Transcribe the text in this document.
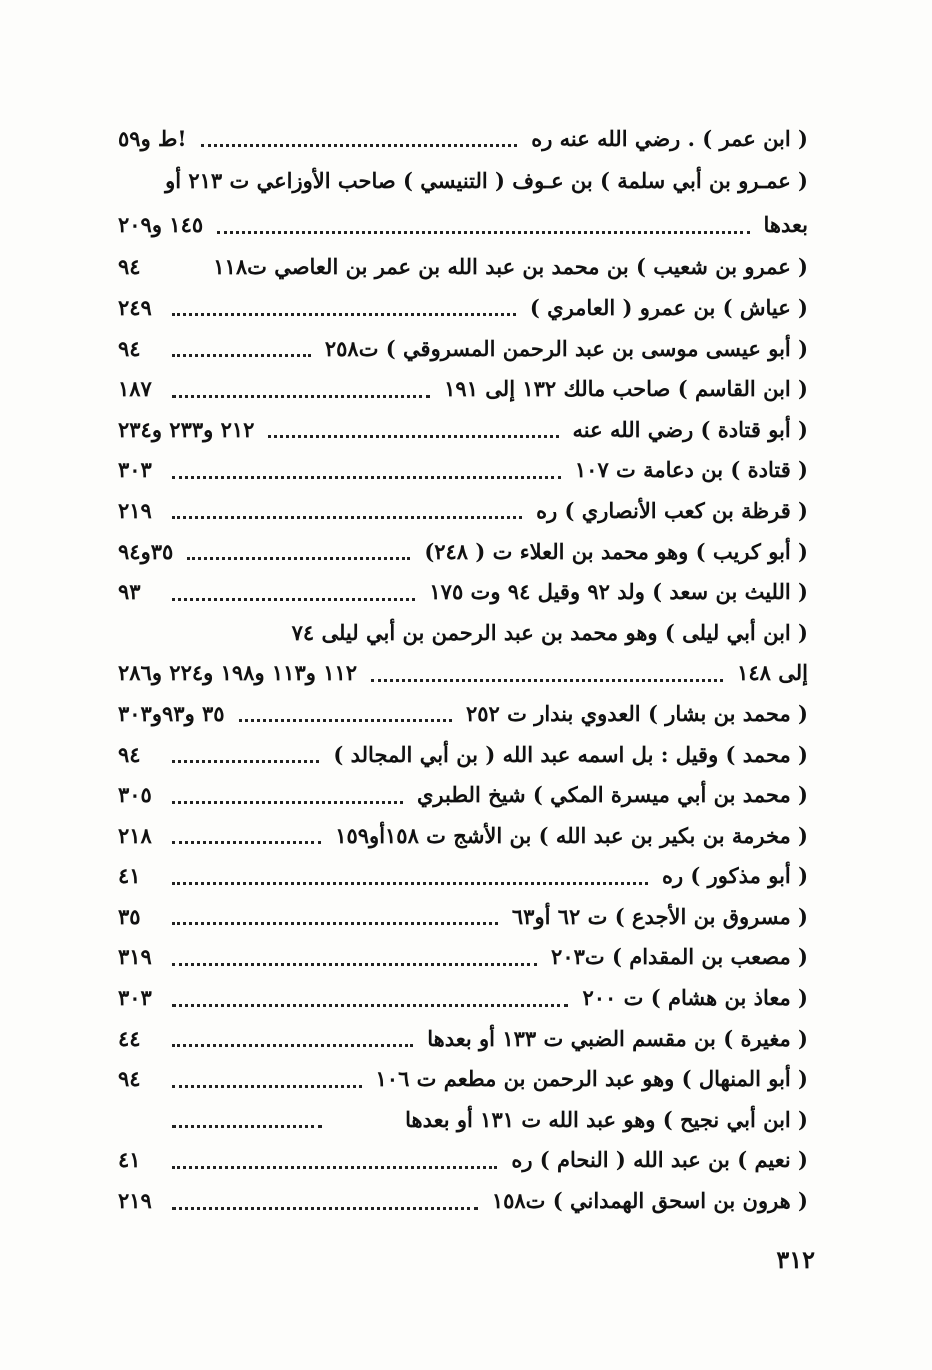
( ابن عمر ) . رضي الله عنه ره
!ط و٥٩
( عمـرو بن أبي سلمة ) بن عـوف ( التنيسي ) صاحب الأوزاعي ت ٢١٣ أو
بعدها
١٤٥ و٢٠٩
( عمرو بن شعيب ) بن محمد بن عبد الله بن عمر بن العاصي ت١١٨
٩٤
( عياش ) بن عمرو ( العامري )
٢٤٩
( أبو عيسى موسى بن عبد الرحمن المسروقي ) ت٢٥٨
٩٤
( ابن القاسم ) صاحب مالك ١٣٢ إلى ١٩١
١٨٧
( أبو قتادة ) رضي الله عنه
٢١٢ و٢٣٣ و٢٣٤
( قتادة ) بن دعامة ت ١٠٧
٣٠٣
( قرظة بن كعب الأنصاري ) ره
٢١٩
( أبو كريب ) وهو محمد بن العلاء ت ( ٢٤٨)
٣٥و٩٤
( الليث بن سعد ) ولد ٩٢ وقيل ٩٤ وت ١٧٥
٩٣
( ابن أبي ليلى ) وهو محمد بن عبد الرحمن بن أبي ليلى ٧٤
إلى ١٤٨
١١٢ و١١٣ و١٩٨ و٢٢٤ و٢٨٦
( محمد بن بشار ) العدوي بندار ت ٢٥٢
٣٥ و٩٣و٣٠٣
( محمد ) وقيل : بل اسمه عبد الله ( بن أبي المجالد )
٩٤
( محمد بن أبي ميسرة المكي ) شيخ الطبري
٣٠٥
( مخرمة بن بكير بن عبد الله ) بن الأشج ت ١٥٨أو١٥٩
٢١٨
( أبو مذكور ) ره
٤١
( مسروق بن الأجدع ) ت ٦٢ أو٦٣
٣٥
( مصعب بن المقدام ) ت٢٠٣
٣١٩
( معاذ بن هشام ) ت ٢٠٠
٣٠٣
( مغيرة ) بن مقسم الضبي ت ١٣٣ أو بعدها
٤٤
( أبو المنهال ) وهو عبد الرحمن بن مطعم ت ١٠٦
٩٤
( ابن أبي نجيح ) وهو عبد الله ت ١٣١ أو بعدها
( نعيم ) بن عبد الله ( النحام ) ره
٤١
( هرون بن اسحق الهمداني ) ت١٥٨
٢١٩
٣١٢
